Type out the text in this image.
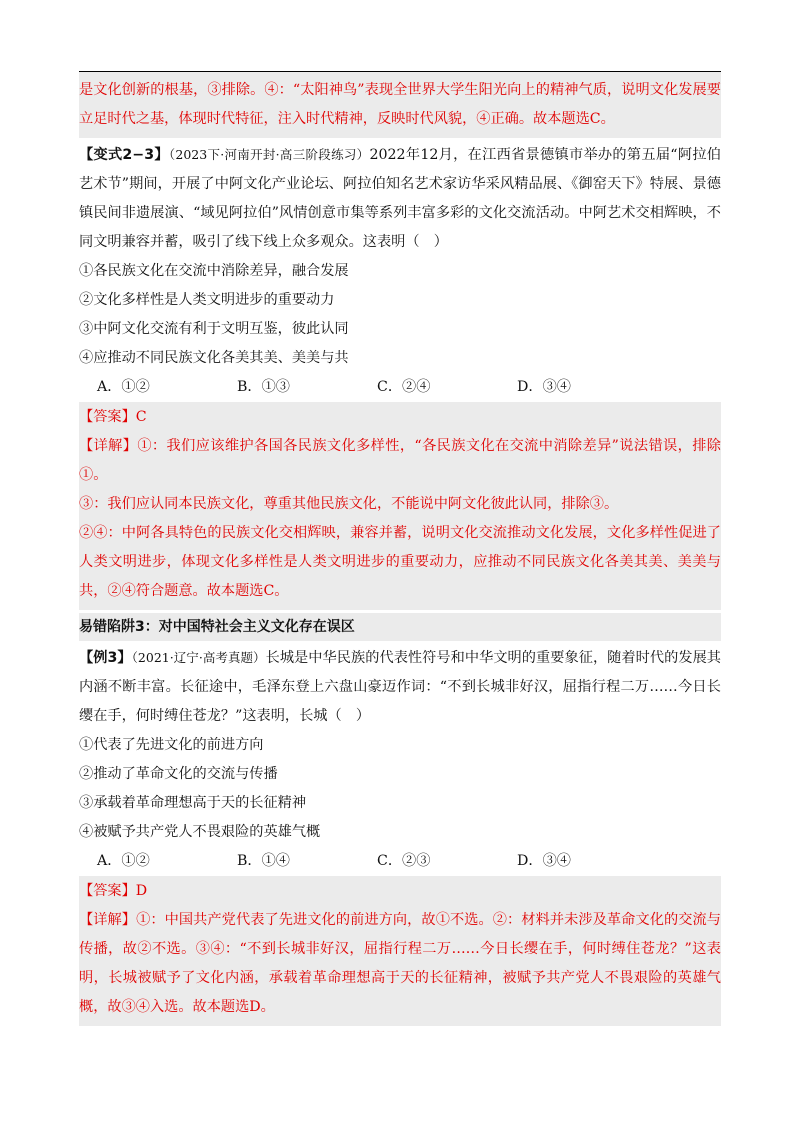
是文化创新的根基，③排除。④：“太阳神鸟”表现全世界大学生阳光向上的精神气质，说明文化发展要立足时代之基，体现时代特征，注入时代精神，反映时代风貌，④正确。故本题选C。

【变式2−3】（2023下·河南开封·高三阶段练习）2022年12月，在江西省景德镇市举办的第五届“阿拉伯艺术节”期间，开展了中阿文化产业论坛、阿拉伯知名艺术家访华采风精品展、《御窑天下》特展、景德镇民间非遗展演、“域见阿拉伯”风情创意市集等系列丰富多彩的文化交流活动。中阿艺术交相辉映，不同文明兼容并蓄，吸引了线下线上众多观众。这表明（　）

①各民族文化在交流中消除差异，融合发展

②文化多样性是人类文明进步的重要动力

③中阿文化交流有利于文明互鉴，彼此认同

④应推动不同民族文化各美其美、美美与共

A．①②	B．①③	C．②④	D．③④

【答案】C

【详解】①：我们应该维护各国各民族文化多样性，“各民族文化在交流中消除差异”说法错误，排除①。

③：我们应认同本民族文化，尊重其他民族文化，不能说中阿文化彼此认同，排除③。

②④：中阿各具特色的民族文化交相辉映，兼容并蓄，说明文化交流推动文化发展，文化多样性促进了人类文明进步，体现文化多样性是人类文明进步的重要动力，应推动不同民族文化各美其美、美美与共，②④符合题意。故本题选C。

易错陷阱3：对中国特社会主义文化存在误区

【例3】（2021·辽宁·高考真题）长城是中华民族的代表性符号和中华文明的重要象征，随着时代的发展其内涵不断丰富。长征途中，毛泽东登上六盘山豪迈作词：“不到长城非好汉，屈指行程二万……今日长缨在手，何时缚住苍龙？”这表明，长城（　）

①代表了先进文化的前进方向

②推动了革命文化的交流与传播

③承载着革命理想高于天的长征精神

④被赋予共产党人不畏艰险的英雄气概

A．①②	B．①④	C．②③	D．③④

【答案】D

【详解】①：中国共产党代表了先进文化的前进方向，故①不选。②：材料并未涉及革命文化的交流与传播，故②不选。③④：“不到长城非好汉，屈指行程二万……今日长缨在手，何时缚住苍龙？”这表明，长城被赋予了文化内涵，承载着革命理想高于天的长征精神，被赋予共产党人不畏艰险的英雄气概，故③④入选。故本题选D。
